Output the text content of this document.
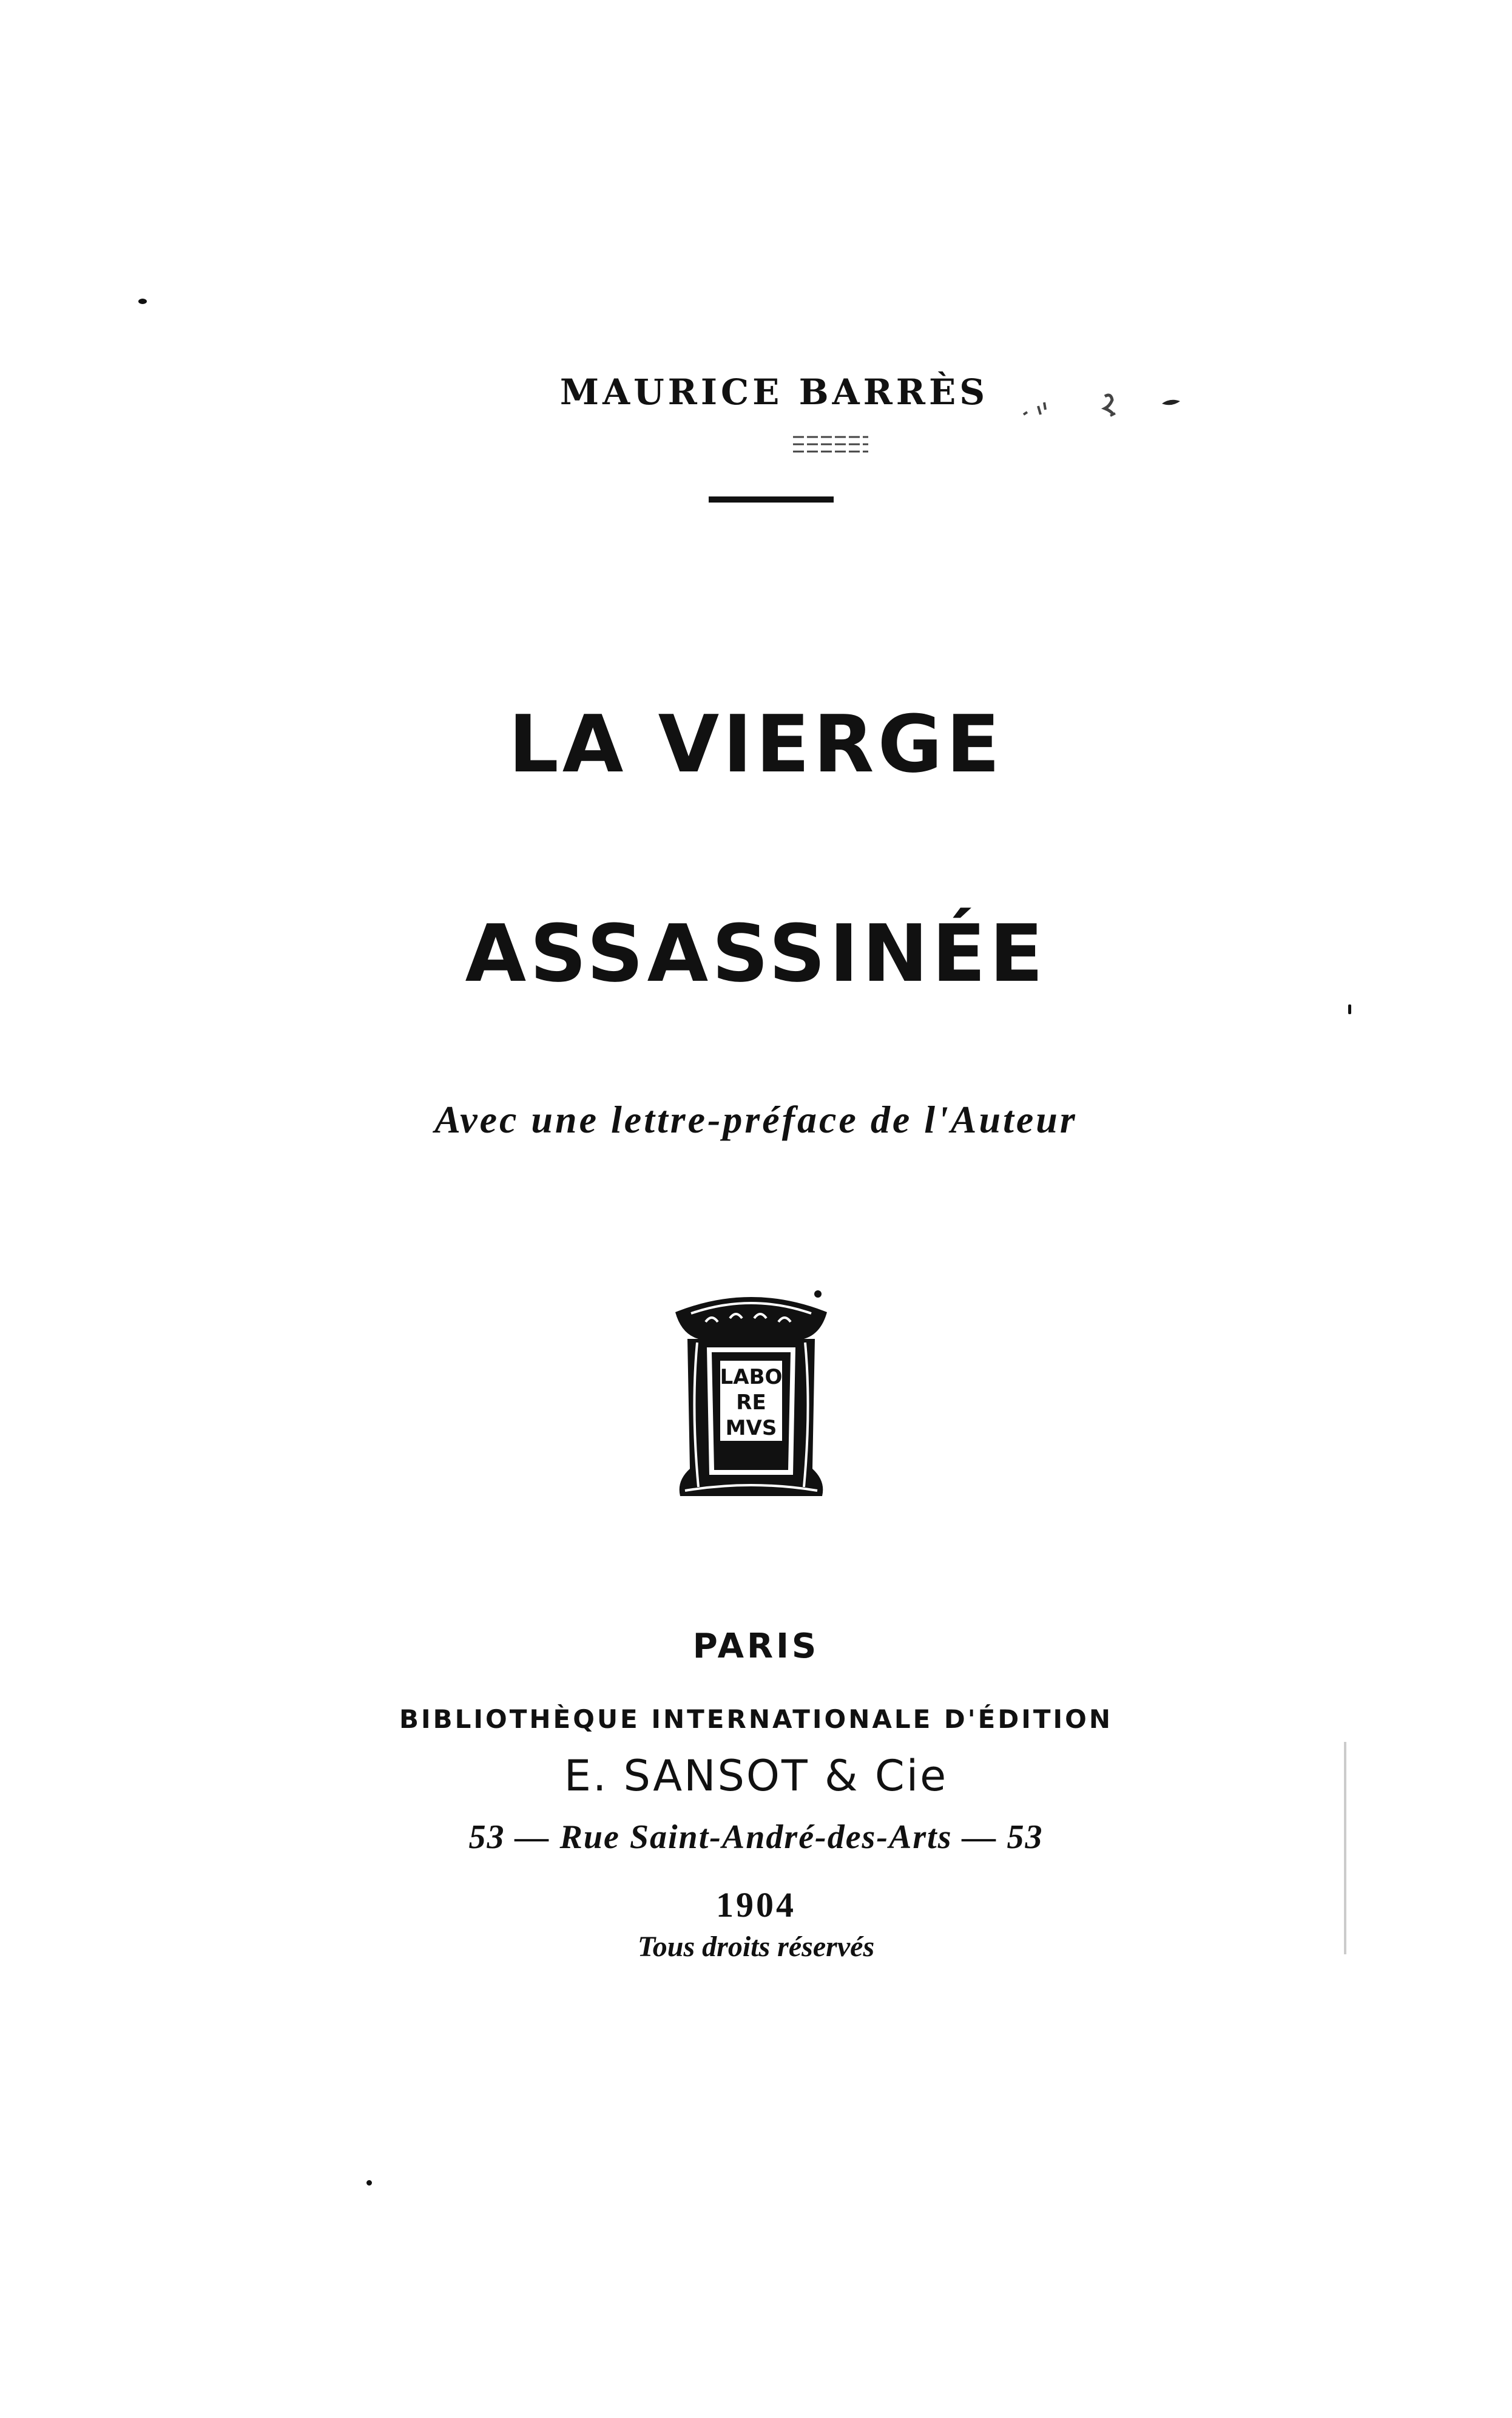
MAURICE BARRÈS
LA VIERGE
ASSASSINÉE
Avec une lettre-préface de l'Auteur
LABO
RE
MVS
PARIS
BIBLIOTHÈQUE INTERNATIONALE D'ÉDITION
E. SANSOT & Cie
53 — Rue Saint-André-des-Arts — 53
1904
Tous droits réservés
